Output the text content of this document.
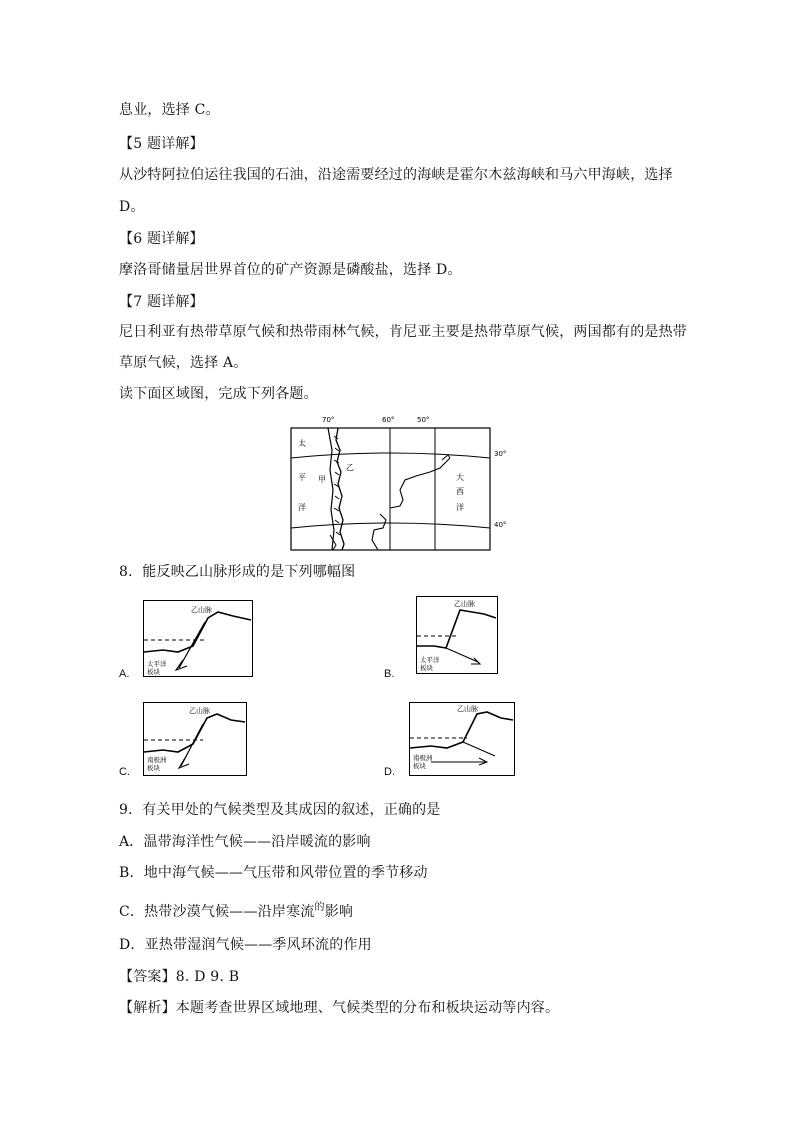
息业，选择 C。
【5 题详解】
从沙特阿拉伯运往我国的石油，沿途需要经过的海峡是霍尔木兹海峡和马六甲海峡，选择
D。
【6 题详解】
摩洛哥储量居世界首位的矿产资源是磷酸盐，选择 D。
【7 题详解】
尼日利亚有热带草原气候和热带雨林气候，肯尼亚主要是热带草原气候，两国都有的是热带
草原气候，选择 A。
读下面区域图，完成下列各题。
70°	60°	50°
30°
40°
太
平
洋
甲
乙
大
西
洋
8．能反映乙山脉形成的是下列哪幅图
乙山脉
太平洋
板块
A.
乙山脉
太平洋
板块
B.
乙山脉
南极洲
板块
C.
乙山脉
南极洲
板块
D.
9．有关甲处的气候类型及其成因的叙述，正确的是
A．温带海洋性气候——沿岸暖流的影响
B．地中海气候——气压带和风带位置的季节移动
C．热带沙漠气候——沿岸寒流$^的$影响
D．亚热带湿润气候——季风环流的作用
【答案】8. D 9. B
【解析】本题考查世界区域地理、气候类型的分布和板块运动等内容。
